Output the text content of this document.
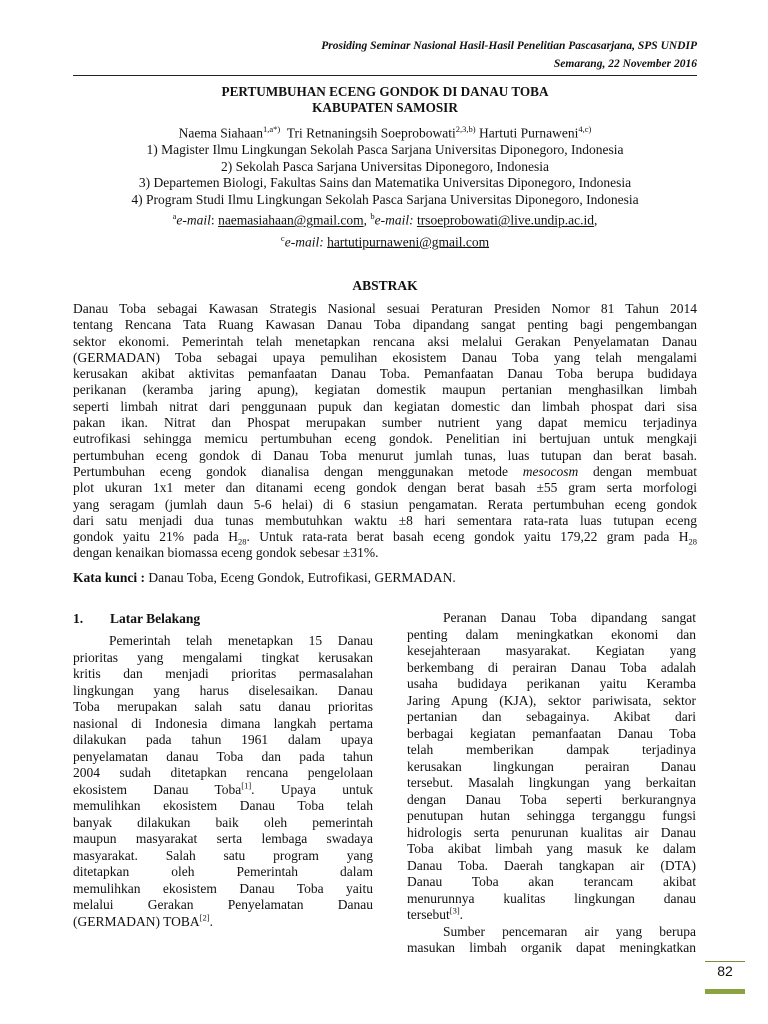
Prosiding Seminar Nasional Hasil-Hasil Penelitian Pascasarjana, SPS UNDIP
Semarang, 22 November 2016
PERTUMBUHAN ECENG GONDOK DI DANAU TOBA
KABUPATEN SAMOSIR
Naema Siahaan$^{1,a*)}$ Tri Retnaningsih Soeprobowati$^{2,3,b)}$ Hartuti Purnaweni$^{4,c)}$
1) Magister Ilmu Lingkungan Sekolah Pasca Sarjana Universitas Diponegoro, Indonesia
2) Sekolah Pasca Sarjana Universitas Diponegoro, Indonesia
3) Departemen Biologi, Fakultas Sains dan Matematika Universitas Diponegoro, Indonesia
4) Program Studi Ilmu Lingkungan Sekolah Pasca Sarjana Universitas Diponegoro, Indonesia
$^a$e-mail: naemasiahaan@gmail.com, $^b$e-mail: trsoeprobowati@live.undip.ac.id,
$^c$e-mail: hartutipurnaweni@gmail.com
ABSTRAK
Danau Toba sebagai Kawasan Strategis Nasional sesuai Peraturan Presiden Nomor 81 Tahun 2014
tentang Rencana Tata Ruang Kawasan Danau Toba dipandang sangat penting bagi pengembangan
sektor ekonomi. Pemerintah telah menetapkan rencana aksi melalui Gerakan Penyelamatan Danau
(GERMADAN) Toba sebagai upaya pemulihan ekosistem Danau Toba yang telah mengalami
kerusakan akibat aktivitas pemanfaatan Danau Toba. Pemanfaatan Danau Toba berupa budidaya
perikanan (keramba jaring apung), kegiatan domestik maupun pertanian menghasilkan limbah
seperti limbah nitrat dari penggunaan pupuk dan kegiatan domestic dan limbah phospat dari sisa
pakan ikan. Nitrat dan Phospat merupakan sumber nutrient yang dapat memicu terjadinya
eutrofikasi sehingga memicu pertumbuhan eceng gondok. Penelitian ini bertujuan untuk mengkaji
pertumbuhan eceng gondok di Danau Toba menurut jumlah tunas, luas tutupan dan berat basah.
Pertumbuhan eceng gondok dianalisa dengan menggunakan metode mesocosm dengan membuat
plot ukuran 1x1 meter dan ditanami eceng gondok dengan berat basah ±55 gram serta morfologi
yang seragam (jumlah daun 5-6 helai) di 6 stasiun pengamatan. Rerata pertumbuhan eceng gondok
dari satu menjadi dua tunas membutuhkan waktu ±8 hari sementara rata-rata luas tutupan eceng
gondok yaitu 21% pada $H_{28}$. Untuk rata-rata berat basah eceng gondok yaitu 179,22 gram pada $H_{28}$
dengan kenaikan biomassa eceng gondok sebesar ±31%.
Kata kunci : Danau Toba, Eceng Gondok, Eutrofikasi, GERMADAN.
1. Latar Belakang
Pemerintah telah menetapkan 15 Danau
prioritas yang mengalami tingkat kerusakan
kritis dan menjadi prioritas permasalahan
lingkungan yang harus diselesaikan. Danau
Toba merupakan salah satu danau prioritas
nasional di Indonesia dimana langkah pertama
dilakukan pada tahun 1961 dalam upaya
penyelamatan danau Toba dan pada tahun
2004 sudah ditetapkan rencana pengelolaan
ekosistem Danau Toba[1]. Upaya untuk
memulihkan ekosistem Danau Toba telah
banyak dilakukan baik oleh pemerintah
maupun masyarakat serta lembaga swadaya
masyarakat. Salah satu program yang
ditetapkan oleh Pemerintah dalam
memulihkan ekosistem Danau Toba yaitu
melalui Gerakan Penyelamatan Danau
(GERMADAN) TOBA[2].
Peranan Danau Toba dipandang sangat
penting dalam meningkatkan ekonomi dan
kesejahteraan masyarakat. Kegiatan yang
berkembang di perairan Danau Toba adalah
usaha budidaya perikanan yaitu Keramba
Jaring Apung (KJA), sektor pariwisata, sektor
pertanian dan sebagainya. Akibat dari
berbagai kegiatan pemanfaatan Danau Toba
telah memberikan dampak terjadinya
kerusakan lingkungan perairan Danau
tersebut. Masalah lingkungan yang berkaitan
dengan Danau Toba seperti berkurangnya
penutupan hutan sehingga terganggu fungsi
hidrologis serta penurunan kualitas air Danau
Toba akibat limbah yang masuk ke dalam
Danau Toba. Daerah tangkapan air (DTA)
Danau Toba akan terancam akibat
menurunnya kualitas lingkungan danau
tersebut[3].
Sumber pencemaran air yang berupa
masukan limbah organik dapat meningkatkan
82
